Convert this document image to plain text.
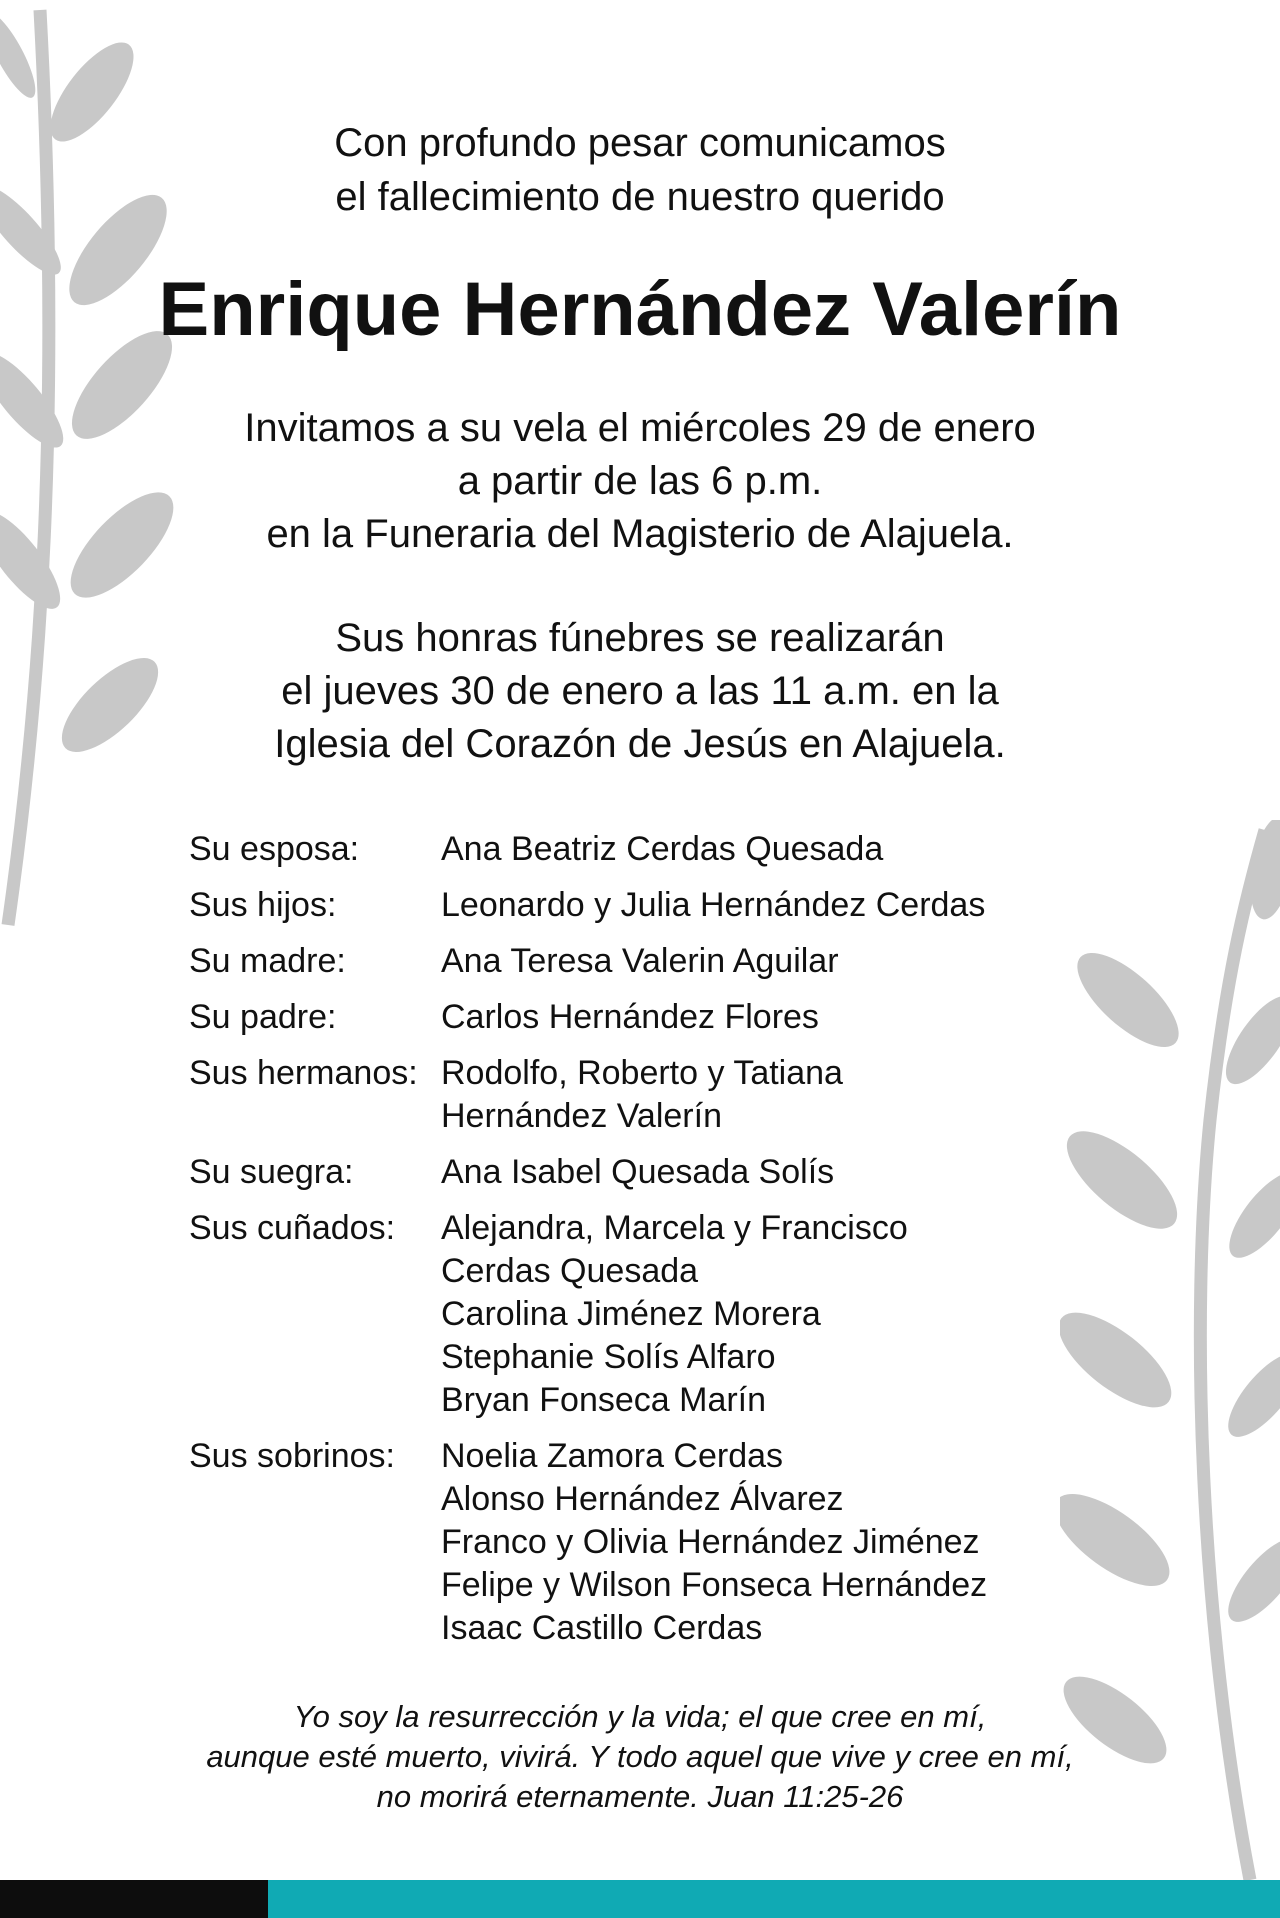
Con profundo pesar comunicamos
el fallecimiento de nuestro querido
Enrique Hernández Valerín
Invitamos a su vela el miércoles 29 de enero
a partir de las 6 p.m.
en la Funeraria del Magisterio de Alajuela.
Sus honras fúnebres se realizarán
el jueves 30 de enero a las 11 a.m. en la
Iglesia del Corazón de Jesús en Alajuela.
Su esposa:	Ana Beatriz Cerdas Quesada
Sus hijos:	Leonardo y Julia Hernández Cerdas
Su madre:	Ana Teresa Valerin Aguilar
Su padre:	Carlos Hernández Flores
Sus hermanos: Rodolfo, Roberto y Tatiana
Hernández Valerín
Su suegra:	Ana Isabel Quesada Solís
Sus cuñados:	Alejandra, Marcela y Francisco
Cerdas Quesada
Carolina Jiménez Morera
Stephanie Solís Alfaro
Bryan Fonseca Marín
Sus sobrinos:	Noelia Zamora Cerdas
Alonso Hernández Álvarez
Franco y Olivia Hernández Jiménez
Felipe y Wilson Fonseca Hernández
Isaac Castillo Cerdas
Yo soy la resurrección y la vida; el que cree en mí,
aunque esté muerto, vivirá. Y todo aquel que vive y cree en mí,
no morirá eternamente. Juan 11:25-26
